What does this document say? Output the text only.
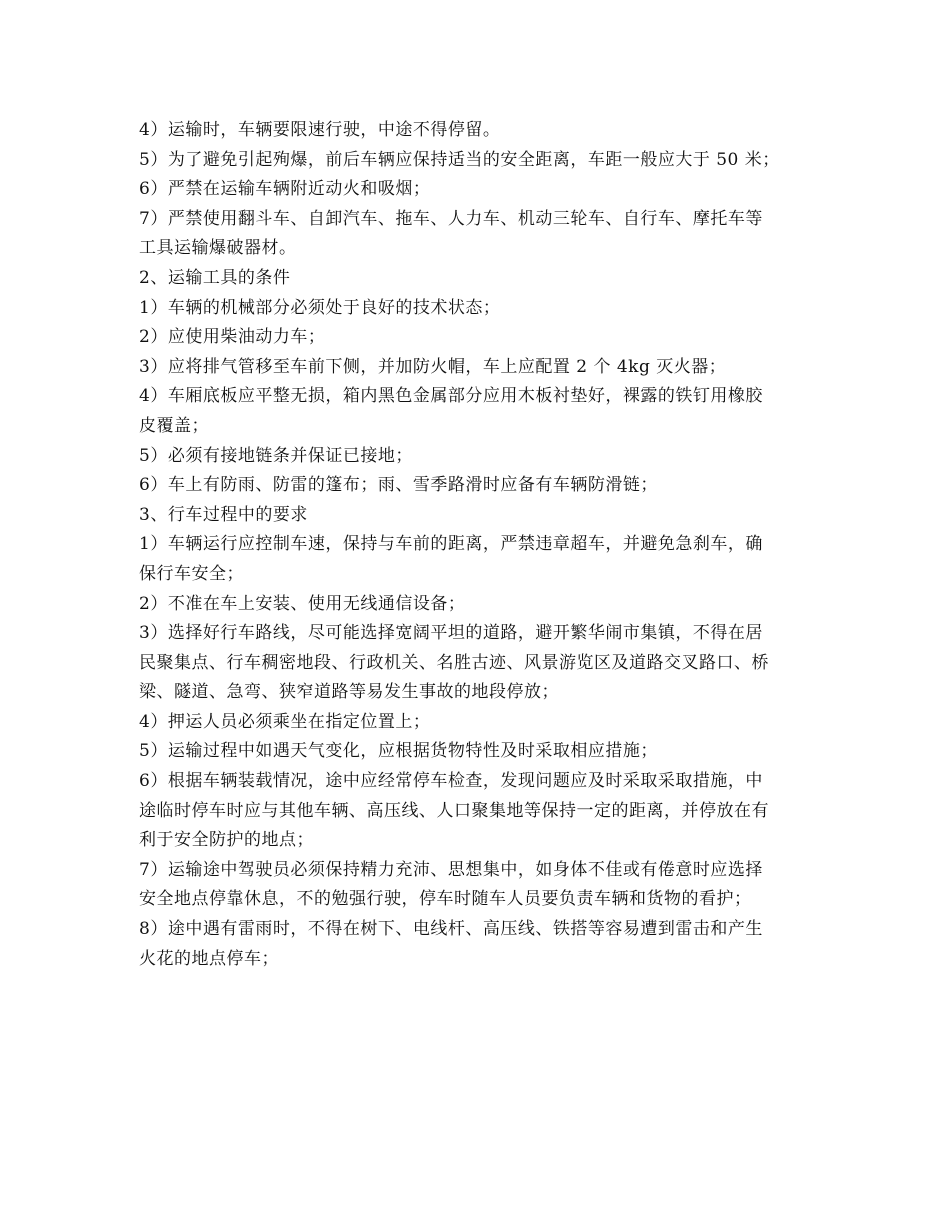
4）运输时，车辆要限速行驶，中途不得停留。
5）为了避免引起殉爆，前后车辆应保持适当的安全距离，车距一般应大于 50 米；
6）严禁在运输车辆附近动火和吸烟；
7）严禁使用翻斗车、自卸汽车、拖车、人力车、机动三轮车、自行车、摩托车等
工具运输爆破器材。
2、运输工具的条件
1）车辆的机械部分必须处于良好的技术状态；
2）应使用柴油动力车；
3）应将排气管移至车前下侧，并加防火帽，车上应配置 2 个 4kg 灭火器；
4）车厢底板应平整无损，箱内黑色金属部分应用木板衬垫好，裸露的铁钉用橡胶
皮覆盖；
5）必须有接地链条并保证已接地；
6）车上有防雨、防雷的篷布；雨、雪季路滑时应备有车辆防滑链；
3、行车过程中的要求
1）车辆运行应控制车速，保持与车前的距离，严禁违章超车，并避免急刹车，确
保行车安全；
2）不准在车上安装、使用无线通信设备；
3）选择好行车路线，尽可能选择宽阔平坦的道路，避开繁华闹市集镇，不得在居
民聚集点、行车稠密地段、行政机关、名胜古迹、风景游览区及道路交叉路口、桥
梁、隧道、急弯、狭窄道路等易发生事故的地段停放；
4）押运人员必须乘坐在指定位置上；
5）运输过程中如遇天气变化，应根据货物特性及时采取相应措施；
6）根据车辆装载情况，途中应经常停车检查，发现问题应及时采取采取措施，中
途临时停车时应与其他车辆、高压线、人口聚集地等保持一定的距离，并停放在有
利于安全防护的地点；
7）运输途中驾驶员必须保持精力充沛、思想集中，如身体不佳或有倦意时应选择
安全地点停靠休息，不的勉强行驶，停车时随车人员要负责车辆和货物的看护；
8）途中遇有雷雨时，不得在树下、电线杆、高压线、铁搭等容易遭到雷击和产生
火花的地点停车；
